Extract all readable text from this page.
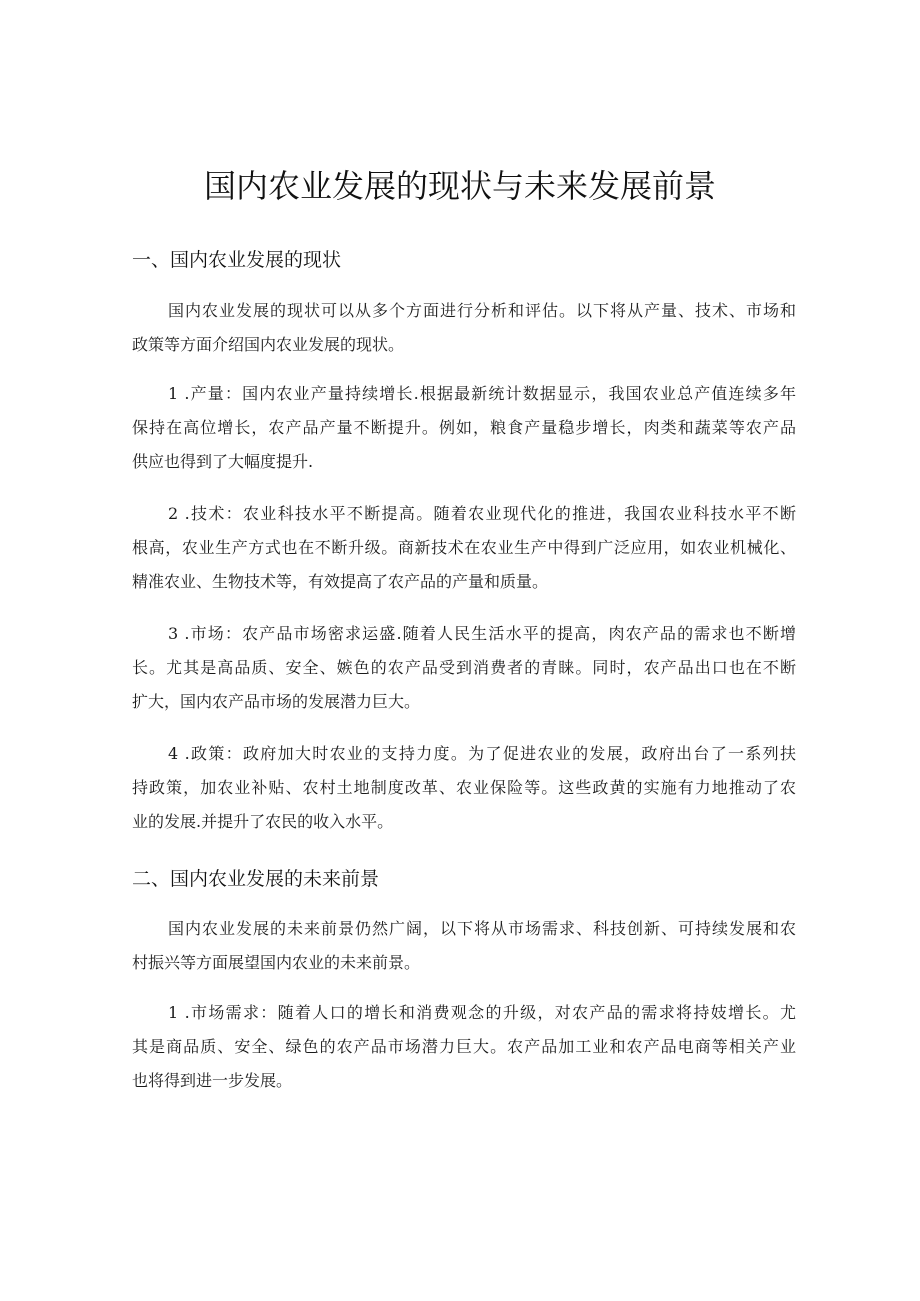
国内农业发展的现状与未来发展前景
一、国内农业发展的现状
国内农业发展的现状可以从多个方面进行分析和评估。以下将从产量、技术、市场和
政策等方面介绍国内农业发展的现状。
1 .产量：国内农业产量持续增长.根据最新统计数据显示，我国农业总产值连续多年
保持在高位增长，农产品产量不断提升。例如，粮食产量稳步增长，肉类和蔬菜等农产品
供应也得到了大幅度提升.
2 .技术：农业科技水平不断提高。随着农业现代化的推进，我国农业科技水平不断
根高，农业生产方式也在不断升级。商新技术在农业生产中得到广泛应用，如农业机械化、
精准农业、生物技术等，有效提高了农产品的产量和质量。
3 .市场：农产品市场密求运盛.随着人民生活水平的提高，肉农产品的需求也不断增
长。尤其是高品质、安全、嫉色的农产品受到消费者的青睐。同时，农产品出口也在不断
扩大，国内农产品市场的发展潜力巨大。
4 .政策：政府加大时农业的支持力度。为了促进农业的发展，政府出台了一系列扶
持政策，加农业补贴、农村土地制度改革、农业保险等。这些政黄的实施有力地推动了农
业的发展.并提升了农民的收入水平。
二、国内农业发展的未来前景
国内农业发展的未来前景仍然广阔，以下将从市场需求、科技创新、可持续发展和农
村振兴等方面展望国内农业的未来前景。
1 .市场需求：随着人口的增长和消费观念的升级，对农产品的需求将持妓增长。尤
其是商品质、安全、绿色的农产品市场潜力巨大。农产品加工业和农产品电商等相关产业
也将得到进一步发展。
